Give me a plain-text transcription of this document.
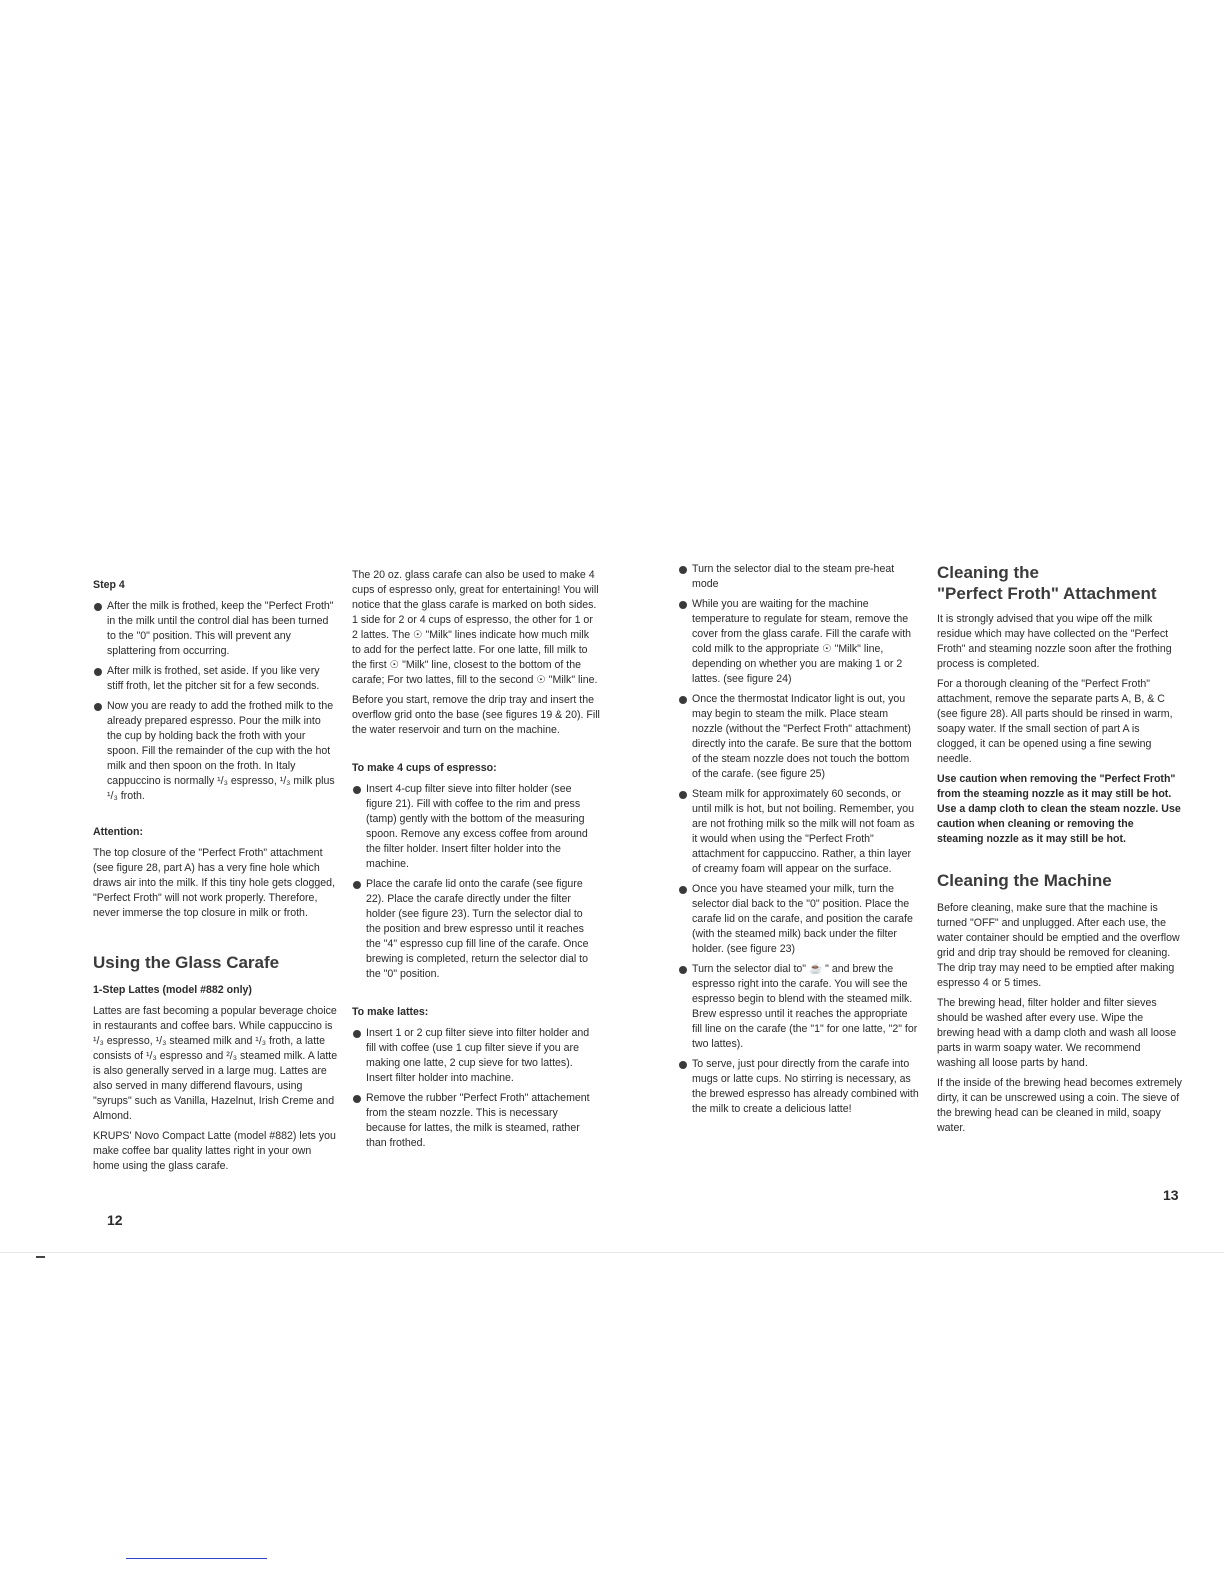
Step 4
After the milk is frothed, keep the "Perfect Froth" in the milk until the control dial has been turned to the "0" position. This will prevent any splattering from occurring.
After milk is frothed, set aside. If you like very stiff froth, let the pitcher sit for a few seconds.
Now you are ready to add the frothed milk to the already prepared espresso. Pour the milk into the cup by holding back the froth with your spoon. Fill the remainder of the cup with the hot milk and then spoon on the froth. In Italy cappuccino is normally ¹/₃ espresso, ¹/₃ milk plus ¹/₃ froth.
Attention:

The top closure of the "Perfect Froth" attachment (see figure 28, part A) has a very fine hole which draws air into the milk. If this tiny hole gets clogged, "Perfect Froth" will not work properly. Therefore, never immerse the top closure in milk or froth.

Using the Glass Carafe
1-Step Lattes (model #882 only)

Lattes are fast becoming a popular beverage choice in restaurants and coffee bars. While cappuccino is ¹/₃ espresso, ¹/₃ steamed milk and ¹/₃ froth, a latte consists of ¹/₃ espresso and ²/₃ steamed milk. A latte is also generally served in a large mug. Lattes are also served in many differend flavours, using "syrups" such as Vanilla, Hazelnut, Irish Creme and Almond.

KRUPS' Novo Compact Latte (model #882) lets you make coffee bar quality lattes right in your own home using the glass carafe.

The 20 oz. glass carafe can also be used to make 4 cups of espresso only, great for entertaining! You will notice that the glass carafe is marked on both sides. 1 side for 2 or 4 cups of espresso, the other for 1 or 2 lattes. The ☉ "Milk" lines indicate how much milk to add for the perfect latte. For one latte, fill milk to the first ☉ "Milk" line, closest to the bottom of the carafe; For two lattes, fill to the second ☉ "Milk" line.

Before you start, remove the drip tray and insert the overflow grid onto the base (see figures 19 & 20). Fill the water reservoir and turn on the machine.

To make 4 cups of espresso:
Insert 4-cup filter sieve into filter holder (see figure 21). Fill with coffee to the rim and press (tamp) gently with the bottom of the measuring spoon. Remove any excess coffee from around the filter holder. Insert filter holder into the machine.
Place the carafe lid onto the carafe (see figure 22). Place the carafe directly under the filter holder (see figure 23). Turn the selector dial to the position and brew espresso until it reaches the "4" espresso cup fill line of the carafe. Once brewing is completed, return the selector dial to the "0" position.
To make lattes:
Insert 1 or 2 cup filter sieve into filter holder and fill with coffee (use 1 cup filter sieve if you are making one latte, 2 cup sieve for two lattes). Insert filter holder into machine.
Remove the rubber "Perfect Froth" attachement from the steam nozzle. This is necessary because for lattes, the milk is steamed, rather than frothed.
12
Turn the selector dial to the steam pre-heat mode
While you are waiting for the machine temperature to regulate for steam, remove the cover from the glass carafe. Fill the carafe with cold milk to the appropriate ☉ "Milk" line, depending on whether you are making 1 or 2 lattes. (see figure 24)
Once the thermostat Indicator light is out, you may begin to steam the milk. Place steam nozzle (without the "Perfect Froth" attachment) directly into the carafe. Be sure that the bottom of the steam nozzle does not touch the bottom of the carafe. (see figure 25)
Steam milk for approximately 60 seconds, or until milk is hot, but not boiling. Remember, you are not frothing milk so the milk will not foam as it would when using the "Perfect Froth" attachment for cappuccino. Rather, a thin layer of creamy foam will appear on the surface.
Once you have steamed your milk, turn the selector dial back to the "0" position. Place the carafe lid on the carafe, and position the carafe (with the steamed milk) back under the filter holder. (see figure 23)
Turn the selector dial to" ☕ " and brew the espresso right into the carafe. You will see the espresso begin to blend with the steamed milk. Brew espresso until it reaches the appropriate fill line on the carafe (the "1" for one latte, "2" for two lattes).
To serve, just pour directly from the carafe into mugs or latte cups. No stirring is necessary, as the brewed espresso has already combined with the milk to create a delicious latte!
Cleaning the
"Perfect Froth" Attachment

It is strongly advised that you wipe off the milk residue which may have collected on the "Perfect Froth" and steaming nozzle soon after the frothing process is completed.

For a thorough cleaning of the "Perfect Froth" attachment, remove the separate parts A, B, & C (see figure 28). All parts should be rinsed in warm, soapy water. If the small section of part A is clogged, it can be opened using a fine sewing needle.

Use caution when removing the "Perfect Froth" from the steaming nozzle as it may still be hot. Use a damp cloth to clean the steam nozzle. Use caution when cleaning or removing the steaming nozzle as it may still be hot.

Cleaning the Machine

Before cleaning, make sure that the machine is turned "OFF" and unplugged. After each use, the water container should be emptied and the overflow grid and drip tray should be removed for cleaning. The drip tray may need to be emptied after making espresso 4 or 5 times.

The brewing head, filter holder and filter sieves should be washed after every use. Wipe the brewing head with a damp cloth and wash all loose parts in warm soapy water. We recommend washing all loose parts by hand.

If the inside of the brewing head becomes extremely dirty, it can be unscrewed using a coin. The sieve of the brewing head can be cleaned in mild, soapy water.

13
